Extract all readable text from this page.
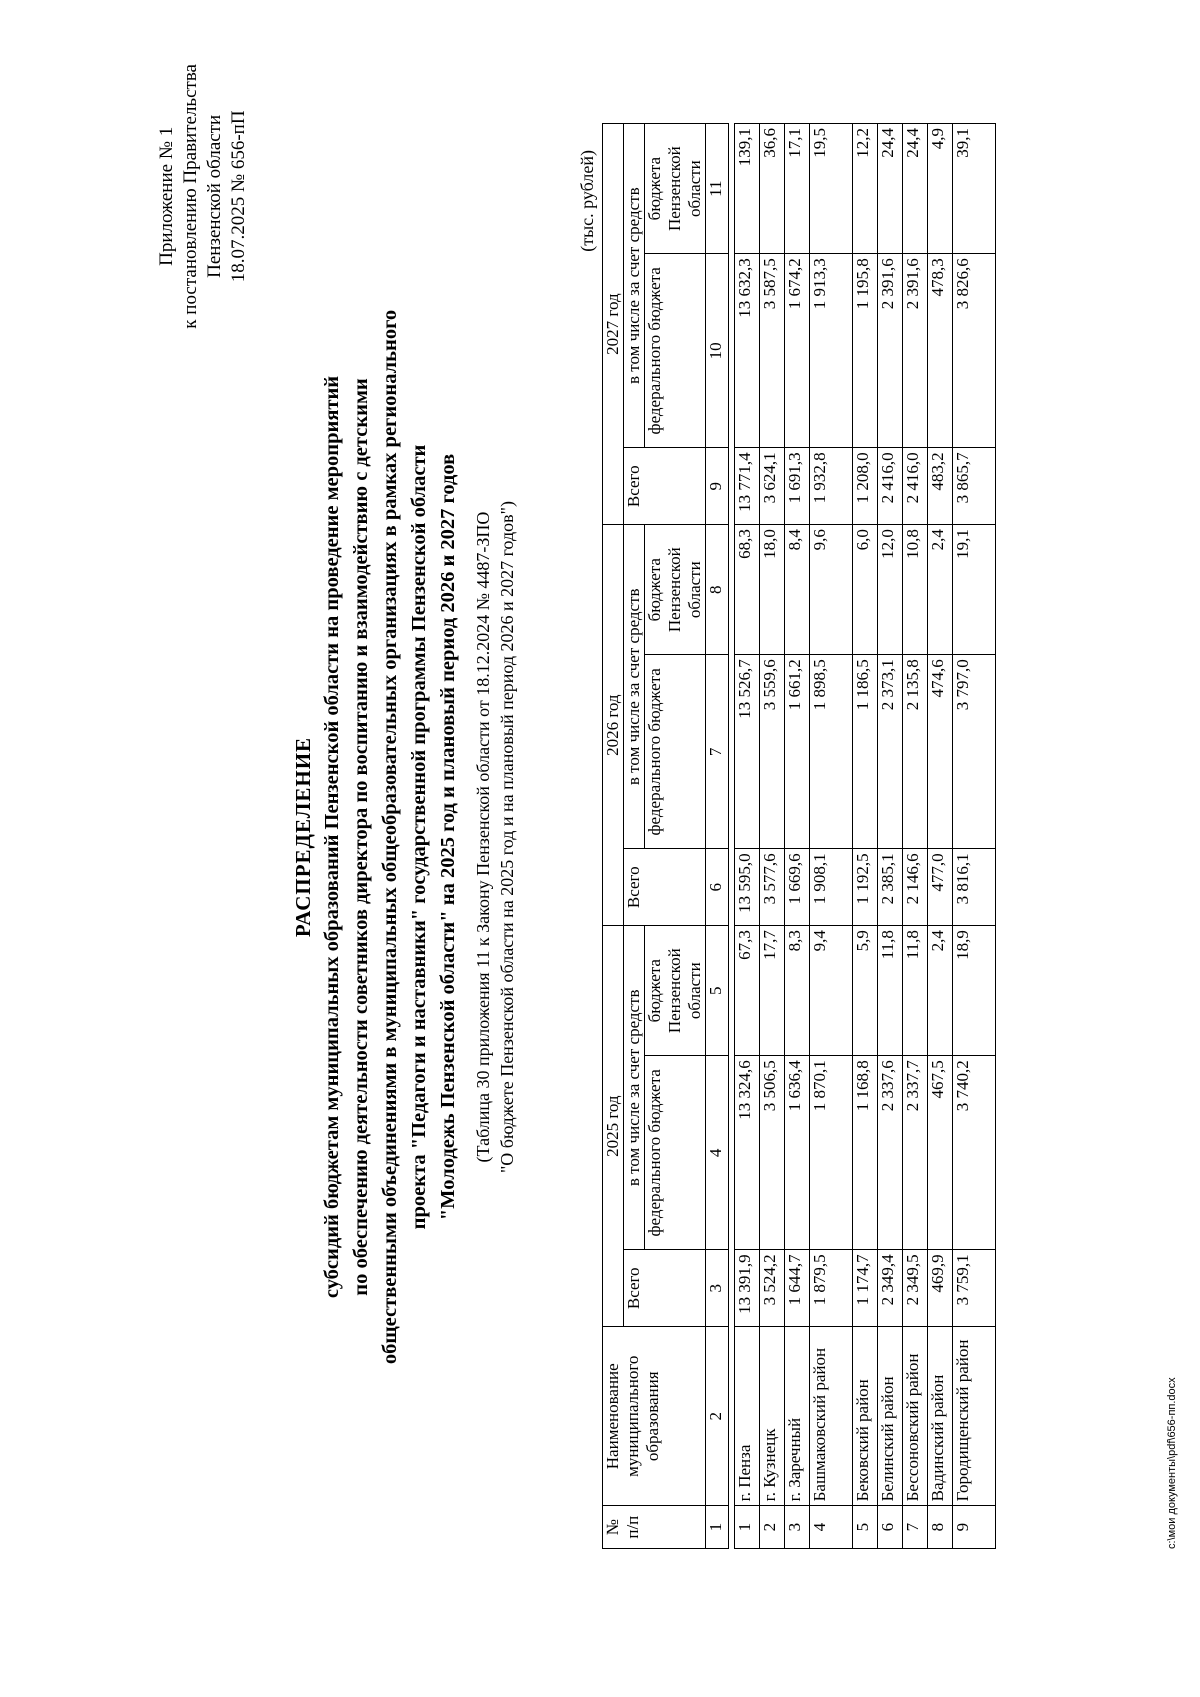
Приложение № 1 к постановлению Правительства Пензенской области 18.07.2025 № 656-пП
РАСПРЕДЕЛЕНИЕ субсидий бюджетам муниципальных образований Пензенской области на проведение мероприятий по обеспечению деятельности советников директора по воспитанию и взаимодействию с детскими общественными объединениями в муниципальных общеобразовательных организациях в рамках регионального проекта "Педагоги и наставники" государственной программы Пензенской области "Молодежь Пензенской области" на 2025 год и плановый период 2026 и 2027 годов (Таблица 30 приложения 11 к Закону Пензенской области от 18.12.2024 № 4487-ЗПО "О бюджете Пензенской области на 2025 год и на плановый период 2026 и 2027 годов")
(тыс. рублей)
№ п/п	Наименование муниципального образования	2025 год			2026 год			2027 год		
		Всего	в том числе за счет средств		Всего	в том числе за счет средств		Всего	в том числе за счет средств	
			федерального бюджета	бюджета Пензенской области		федерального бюджета	бюджета Пензенской области		федерального бюджета	бюджета Пензенской области
1	2	3	4	5	6	7	8	9	10	11

1	г. Пенза	13 391,9	13 324,6	67,3	13 595,0	13 526,7	68,3	13 771,4	13 632,3	139,1
2	г. Кузнецк	3 524,2	3 506,5	17,7	3 577,6	3 559,6	18,0	3 624,1	3 587,5	36,6
3	г. Заречный	1 644,7	1 636,4	8,3	1 669,6	1 661,2	8,4	1 691,3	1 674,2	17,1
4	Башмаковский район	1 879,5	1 870,1	9,4	1 908,1	1 898,5	9,6	1 932,8	1 913,3	19,5
5	Бековский район	1 174,7	1 168,8	5,9	1 192,5	1 186,5	6,0	1 208,0	1 195,8	12,2
6	Белинский район	2 349,4	2 337,6	11,8	2 385,1	2 373,1	12,0	2 416,0	2 391,6	24,4
7	Бессоновский район	2 349,5	2 337,7	11,8	2 146,6	2 135,8	10,8	2 416,0	2 391,6	24,4
8	Вадинский район	469,9	467,5	2,4	477,0	474,6	2,4	483,2	478,3	4,9
9	Городищенский район	3 759,1	3 740,2	18,9	3 816,1	3 797,0	19,1	3 865,7	3 826,6	39,1
c:\мои документы\pdf\656-пп.docx
